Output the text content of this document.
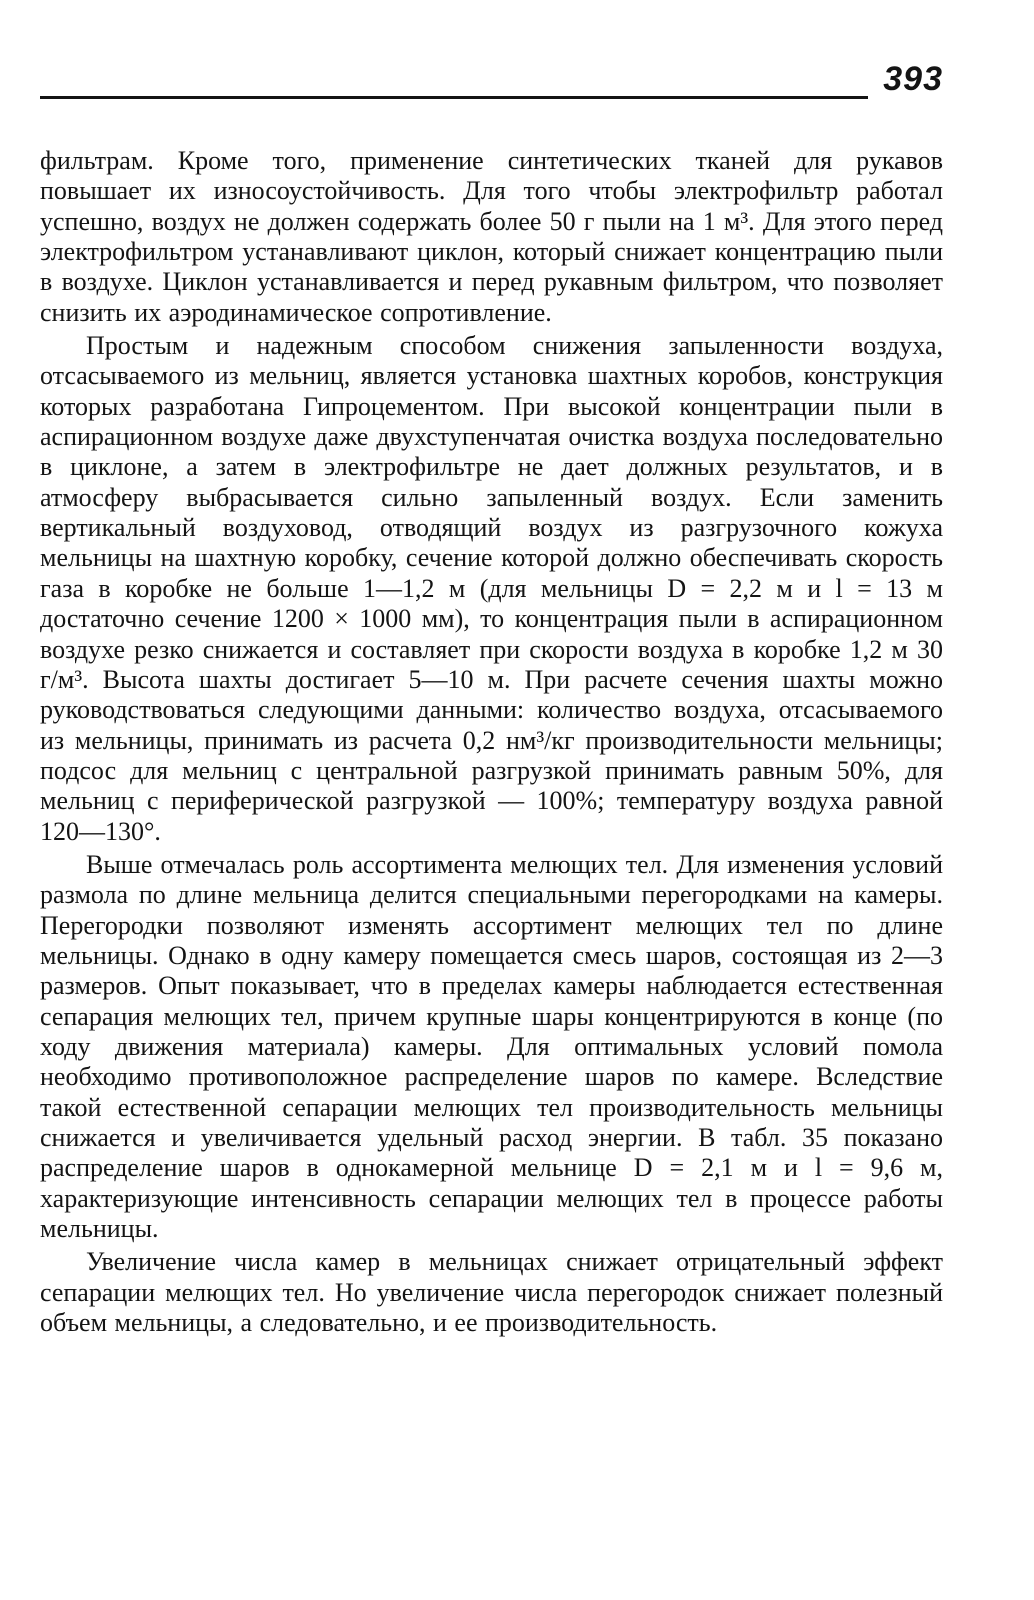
393

фильтрам. Кроме того, применение синтетических тканей для рукавов повышает их износоустойчивость. Для того чтобы электрофильтр работал успешно, воздух не должен содержать более 50 г пыли на 1 м³. Для этого перед электрофильтром устанавливают циклон, который снижает концентрацию пыли в воздухе. Циклон устанавливается и перед рукавным фильтром, что позволяет снизить их аэродинамическое сопротивление.

Простым и надежным способом снижения запыленности воздуха, отсасываемого из мельниц, является установка шахтных коробов, конструкция которых разработана Гипроцементом. При высокой концентрации пыли в аспирационном воздухе даже двухступенчатая очистка воздуха последовательно в циклоне, а затем в электрофильтре не дает должных результатов, и в атмосферу выбрасывается сильно запыленный воздух. Если заменить вертикальный воздуховод, отводящий воздух из разгрузочного кожуха мельницы на шахтную коробку, сечение которой должно обеспечивать скорость газа в коробке не больше 1—1,2 м (для мельницы D = 2,2 м и l = 13 м достаточно сечение 1200 × 1000 мм), то концентрация пыли в аспирационном воздухе резко снижается и составляет при скорости воздуха в коробке 1,2 м 30 г/м³. Высота шахты достигает 5—10 м. При расчете сечения шахты можно руководствоваться следующими данными: количество воздуха, отсасываемого из мельницы, принимать из расчета 0,2 нм³/кг производительности мельницы; подсос для мельниц с центральной разгрузкой принимать равным 50%, для мельниц с периферической разгрузкой — 100%; температуру воздуха равной 120—130°.

Выше отмечалась роль ассортимента мелющих тел. Для изменения условий размола по длине мельница делится специальными перегородками на камеры. Перегородки позволяют изменять ассортимент мелющих тел по длине мельницы. Однако в одну камеру помещается смесь шаров, состоящая из 2—3 размеров. Опыт показывает, что в пределах камеры наблюдается естественная сепарация мелющих тел, причем крупные шары концентрируются в конце (по ходу движения материала) камеры. Для оптимальных условий помола необходимо противоположное распределение шаров по камере. Вследствие такой естественной сепарации мелющих тел производительность мельницы снижается и увеличивается удельный расход энергии. В табл. 35 показано распределение шаров в однокамерной мельнице D = 2,1 м и l = 9,6 м, характеризующие интенсивность сепарации мелющих тел в процессе работы мельницы.

Увеличение числа камер в мельницах снижает отрицательный эффект сепарации мелющих тел. Но увеличение числа перегородок снижает полезный объем мельницы, а следовательно, и ее производительность.
